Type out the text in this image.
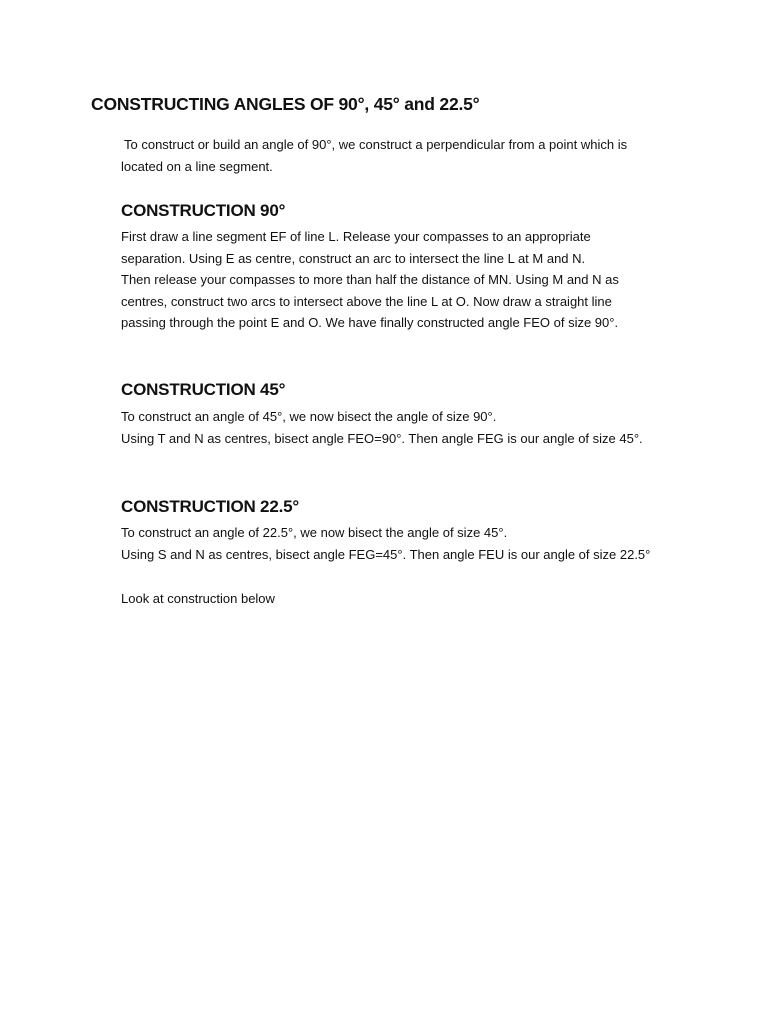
CONSTRUCTING ANGLES OF 90°, 45° and 22.5°

To construct or build an angle of 90°, we construct a perpendicular from a point which is
located on a line segment.

CONSTRUCTION 90°

First draw a line segment EF of line L. Release your compasses to an appropriate
separation. Using E as centre, construct an arc to intersect the line L at M and N.
Then release your compasses to more than half the distance of MN. Using M and N as
centres, construct two arcs to intersect above the line L at O. Now draw a straight line
passing through the point E and O. We have finally constructed angle FEO of size 90°.

CONSTRUCTION 45°

To construct an angle of 45°, we now bisect the angle of size 90°.
Using T and N as centres, bisect angle FEO=90°. Then angle FEG is our angle of size 45°.

CONSTRUCTION 22.5°

To construct an angle of 22.5°, we now bisect the angle of size 45°.
Using S and N as centres, bisect angle FEG=45°. Then angle FEU is our angle of size 22.5°

Look at construction below
